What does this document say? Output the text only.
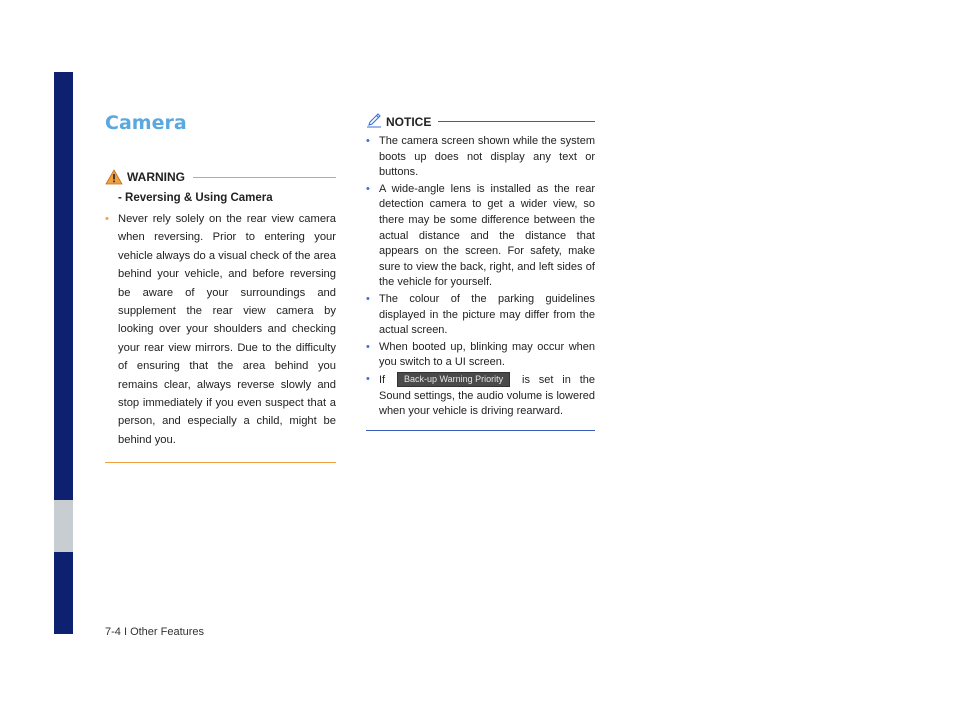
Camera
WARNING
- Reversing & Using Camera
• Never rely solely on the rear view camera when reversing. Prior to entering your vehicle always do a visual check of the area behind your vehicle, and before reversing be aware of your surroundings and supplement the rear view camera by looking over your shoulders and checking your rear view mirrors. Due to the difficulty of ensuring that the area behind you remains clear, always reverse slowly and stop immediately if you even suspect that a person, and especially a child, might be behind you.
NOTICE
• The camera screen shown while the system boots up does not display any text or buttons.
• A wide-angle lens is installed as the rear detection camera to get a wider view, so there may be some difference between the actual distance and the distance that appears on the screen. For safety, make sure to view the back, right, and left sides of the vehicle for yourself.
• The colour of the parking guidelines displayed in the picture may differ from the actual screen.
• When booted up, blinking may occur when you switch to a UI screen.
• If Back-up Warning Priority is set in the Sound settings, the audio volume is lowered when your vehicle is driving rearward.
7-4 I Other Features
